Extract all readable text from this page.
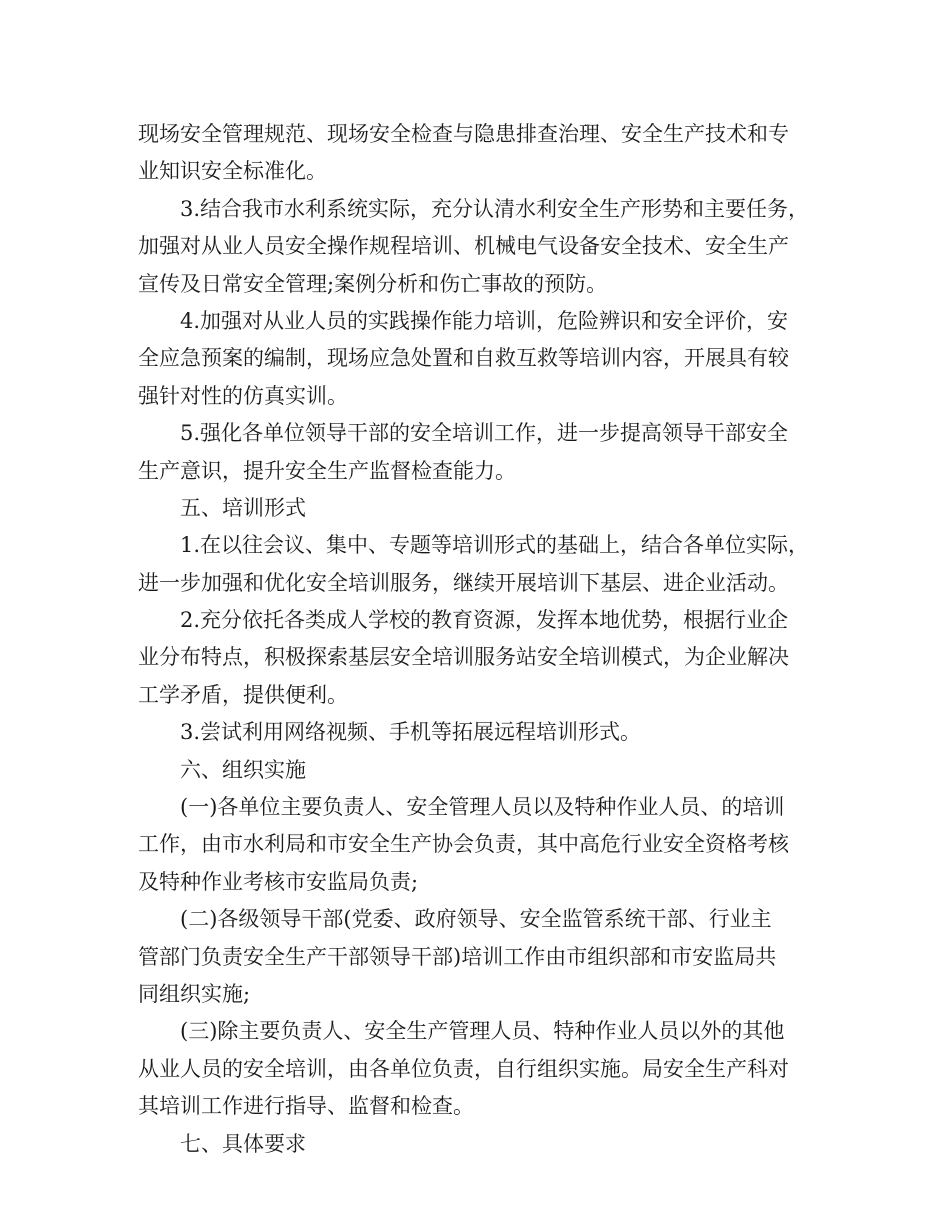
现场安全管理规范、现场安全检查与隐患排查治理、安全生产技术和专
业知识安全标准化。
3.结合我市水利系统实际，充分认清水利安全生产形势和主要任务，
加强对从业人员安全操作规程培训、机械电气设备安全技术、安全生产
宣传及日常安全管理;案例分析和伤亡事故的预防。
4.加强对从业人员的实践操作能力培训，危险辨识和安全评价，安
全应急预案的编制，现场应急处置和自救互救等培训内容，开展具有较
强针对性的仿真实训。
5.强化各单位领导干部的安全培训工作，进一步提高领导干部安全
生产意识，提升安全生产监督检查能力。
五、培训形式
1.在以往会议、集中、专题等培训形式的基础上，结合各单位实际，
进一步加强和优化安全培训服务，继续开展培训下基层、进企业活动。
2.充分依托各类成人学校的教育资源，发挥本地优势，根据行业企
业分布特点，积极探索基层安全培训服务站安全培训模式，为企业解决
工学矛盾，提供便利。
3.尝试利用网络视频、手机等拓展远程培训形式。
六、组织实施
(一)各单位主要负责人、安全管理人员以及特种作业人员、的培训
工作，由市水利局和市安全生产协会负责，其中高危行业安全资格考核
及特种作业考核市安监局负责;
(二)各级领导干部(党委、政府领导、安全监管系统干部、行业主
管部门负责安全生产干部领导干部)培训工作由市组织部和市安监局共
同组织实施;
(三)除主要负责人、安全生产管理人员、特种作业人员以外的其他
从业人员的安全培训，由各单位负责，自行组织实施。局安全生产科对
其培训工作进行指导、监督和检查。
七、具体要求
